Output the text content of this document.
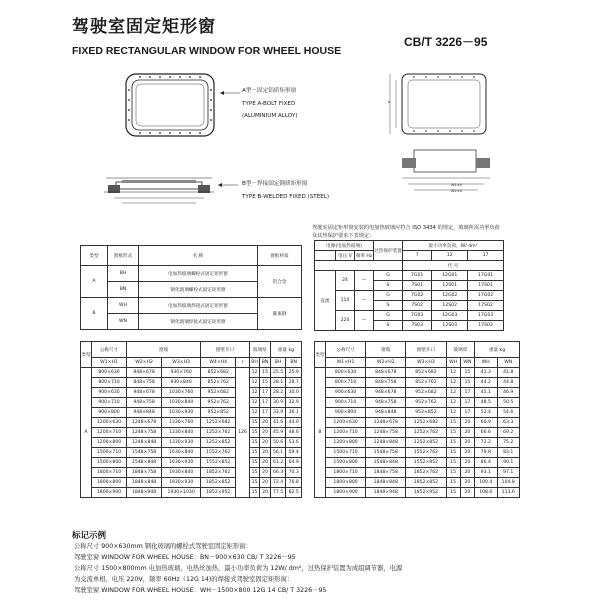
驾驶室固定矩形窗
FIXED RECTANGULAR WINDOW FOR WHEEL HOUSE
CB/T 3226－95
A型－固定铝质矩形窗
TYPE A-BOLT FIXED
(ALUMINIUM ALLOY)
B型－焊接固定钢质矩形窗
TYPE B-WELDED FIXED (STEEL)
W1±0
W2±0
a
驾驶室固定矩形窗安装的电加热玻璃应符合 ISO 3434 的规定，玻璃所需功率负荷及其热保护要求下表规定：
类型	窗框形式	名 称	窗框材质
A	BH	电加热玻璃螺栓式固定矩形窗	铝合金
	BN	钢化玻璃螺栓式固定矩形窗	
B	WH	电加热玻璃焊接式固定矩形窗	碳素钢
	WN	钢化玻璃焊接式固定矩形窗	
电源(电加热玻璃)			过热保护装置	最小功率负荷，W/ dm²		
	电压 V	频率 Hz		7	12	17
				代 号		
直流	24	—	G	7G01	12G01	17G01
			S	7S01	12S01	17S01
	110	—	G	7G02	12G02	17G02
			S	7S02	12S02	17S02
	220	—	G	7G03	12G03	17G03
			S	7S03	12S03	17S03
类型	公称尺寸	窗玻		围壁开口		玻璃厚		重量 kg	
	W1×H1	W2×H2	W3×H3	W4×H4	r	BH	BN	BH	BN
A	800×630	848×678	930×760	852×682	126	12	15	25.5	25.9
	800×710	848×758	930×840	852×762		12	15	28.1	28.7
	900×630	948×678	1030×760	952×682		12	17	28.2	30.0
	900×710	948×758	1030×840	952×762		12	17	30.9	32.9
	900×800	948×848	1030×930	952×852		12	17	33.9	36.1
	1200×630	1248×678	1330×760	1252×682		15	20	41.6	44.0
	1200×710	1248×758	1330×840	1252×762		15	20	45.9	48.6
	1200×800	1248×848	1330×930	1252×852		15	20	50.6	53.6
	1500×710	1548×758	1630×840	1552×762		15	20	56.1	59.4
	1500×800	1548×848	1630×930	1552×852		15	20	61.2	64.9
	1800×710	1848×758	1930×840	1852×762		15	20	66.3	70.3
	1800×800	1848×848	1930×930	1852×852		15	20	72.4	76.8
	1800×900	1848×948	1930×1030	1852×952		15	20	77.5	82.5
类型	公称尺寸	窗玻	围壁开口	玻璃厚		重量 kg	
	W1×H1	W2×H2	W3×H3	WH	WN	WH	WN
B	800×630	848×678	852×682	12	15	41.3	41.8
	800×710	848×758	852×762	12	15	44.2	44.8
	900×630	948×678	952×682	12	17	45.1	46.9
	900×710	948×758	952×762	12	17	48.5	50.5
	900×800	948×848	952×852	12	17	52.4	54.6
	1200×630	1248×678	1252×682	15	20	60.9	63.3
	1200×710	1248×758	1252×762	15	20	66.6	69.2
	1200×800	1248×848	1252×852	15	20	72.2	75.2
	1500×710	1548×758	1552×762	15	20	79.8	83.1
	1500×800	1548×848	1552×852	15	20	86.4	90.1
	1800×710	1848×758	1852×762	15	20	93.1	97.1
	1800×800	1848×848	1852×852	15	20	100.4	104.8
	1800×900	1848×948	1852×952	15	20	108.6	113.6
标记示例
公称尺寸 900×630mm 钢化玻璃的螺栓式驾驶室固定矩形窗：
驾驶室窗 WINDOW FOR WHEEL HOUSE：BN－900×630 CB/ T 3226－95
公称尺寸 1500×800mm 电加热玻璃，电热丝加热，最小功率负荷为 12W/ dm²，过热保护装置为成组调节器，电源
为交流单相，电压 220V，频率 60Hz（12G 14)的焊接式驾驶室固定矩形窗：
驾驶室窗 WINDOW FOR WHEEL HOUSE：WH－1500×800 12G 14 CB/ T 3226－95
